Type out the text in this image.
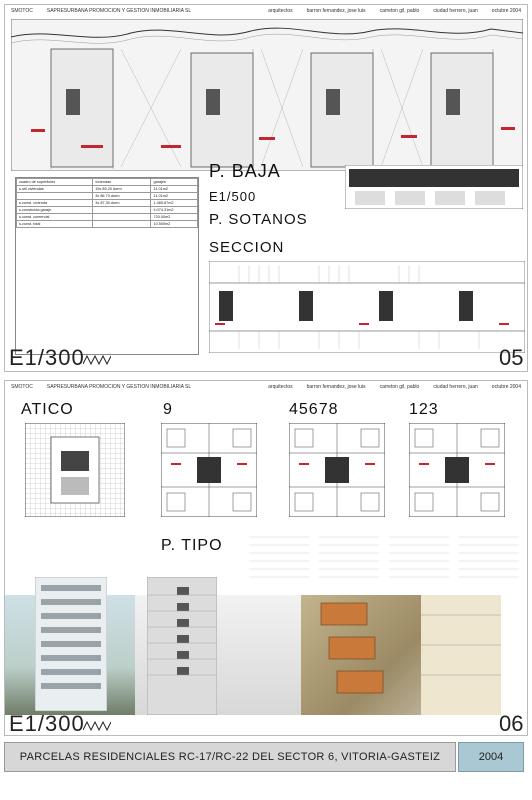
SMOTOC	SAPRESURBANA PROMOCION Y GESTION INMOBILIARIA SL	arquitectos	barron fernandez, jose luis	carreton gil, pablo	ciudad herrero, juan	octubre 2004
cuadro de superficies	viviendas	garajes
s.util viviendas	15x 89,20 dorm	11.01m2
	3x 86,70 dorm	11.01m2
s.const. vivienda	3x 87,30 dorm	1.465.87m2
s.construida garaje		4.074.31m2
s.const. comercial		720.00m2
s.const. total		10.500m2
P. BAJA
E1/500
P. SOTANOS
SECCION
E1/300	05
SMOTOC	SAPRESURBANA PROMOCION Y GESTION INMOBILIARIA SL	arquitectos	barron fernandez, jose luis	carreton gil, pablo	ciudad herrero, juan	octubre 2004
ATICO	9	45678	123
P. TIPO
E1/300	06
PARCELAS RESIDENCIALES RC-17/RC-22 DEL SECTOR 6, VITORIA-GASTEIZ	2004
